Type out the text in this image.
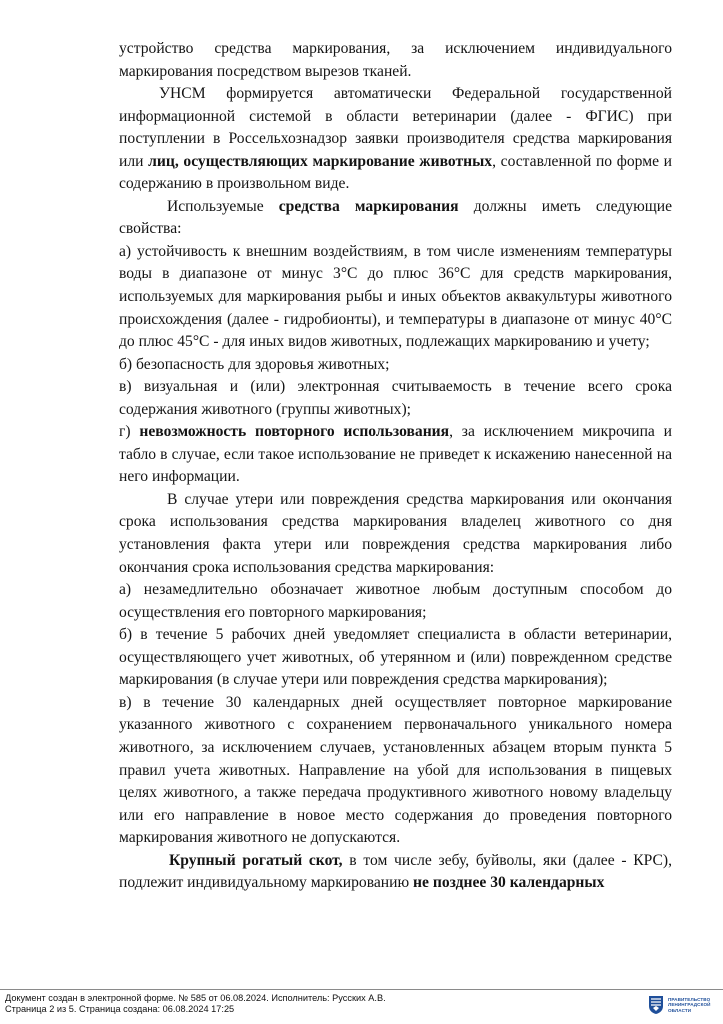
устройство средства маркирования, за исключением индивидуального маркирования посредством вырезов тканей.

УНСМ формируется автоматически Федеральной государственной информационной системой в области ветеринарии (далее - ФГИС) при поступлении в Россельхознадзор заявки производителя средства маркирования или лиц, осуществляющих маркирование животных, составленной по форме и содержанию в произвольном виде.

Используемые средства маркирования должны иметь следующие свойства:

а) устойчивость к внешним воздействиям, в том числе изменениям температуры воды в диапазоне от минус 3°С до плюс 36°С для средств маркирования, используемых для маркирования рыбы и иных объектов аквакультуры животного происхождения (далее - гидробионты), и температуры в диапазоне от минус 40°С до плюс 45°С - для иных видов животных, подлежащих маркированию и учету;

б) безопасность для здоровья животных;

в) визуальная и (или) электронная считываемость в течение всего срока содержания животного (группы животных);

г) невозможность повторного использования, за исключением микрочипа и табло в случае, если такое использование не приведет к искажению нанесенной на него информации.

В случае утери или повреждения средства маркирования или окончания срока использования средства маркирования владелец животного со дня установления факта утери или повреждения средства маркирования либо окончания срока использования средства маркирования:

а) незамедлительно обозначает животное любым доступным способом до осуществления его повторного маркирования;

б) в течение 5 рабочих дней уведомляет специалиста в области ветеринарии, осуществляющего учет животных, об утерянном и (или) поврежденном средстве маркирования (в случае утери или повреждения средства маркирования);

в) в течение 30 календарных дней осуществляет повторное маркирование указанного животного с сохранением первоначального уникального номера животного, за исключением случаев, установленных абзацем вторым пункта 5 правил учета животных. Направление на убой для использования в пищевых целях животного, а также передача продуктивного животного новому владельцу или его направление в новое место содержания до проведения повторного маркирования животного не допускаются.

Крупный рогатый скот, в том числе зебу, буйволы, яки (далее - КРС), подлежит индивидуальному маркированию не позднее 30 календарных

Документ создан в электронной форме. № 585 от 06.08.2024. Исполнитель: Русских А.В.
Страница 2 из 5. Страница создана: 06.08.2024 17:25
ПРАВИТЕЛЬСТВО
ЛЕНИНГРАДСКОЙ
ОБЛАСТИ
